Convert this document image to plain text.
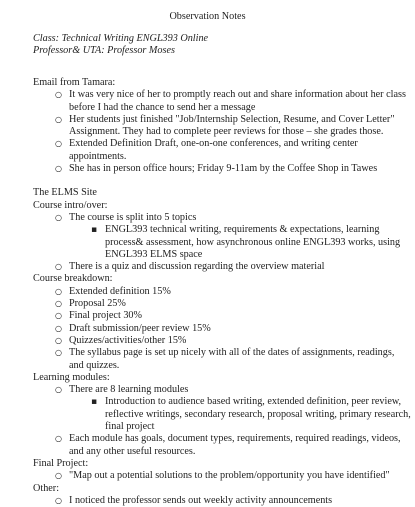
Observation Notes
Class: Technical Writing ENGL393 Online
Professor& UTA: Professor Moses
Email from Tamara:
○ It was very nice of her to promptly reach out and share information about her class before I had the chance to send her a message
○ Her students just finished "Job/Internship Selection, Resume, and Cover Letter" Assignment. They had to complete peer reviews for those – she grades those.
○ Extended Definition Draft, one-on-one conferences, and writing center appointments.
○ She has in person office hours; Friday 9-11am by the Coffee Shop in Tawes
The ELMS Site
Course intro/over:
○ The course is split into 5 topics
▪ ENGL393 technical writing, requirements & expectations, learning process& assessment, how asynchronous online ENGL393 works, using ENGL393 ELMS space
○ There is a quiz and discussion regarding the overview material
Course breakdown:
○ Extended definition 15%
○ Proposal 25%
○ Final project 30%
○ Draft submission/peer review 15%
○ Quizzes/activities/other 15%
○ The syllabus page is set up nicely with all of the dates of assignments, readings, and quizzes.
Learning modules:
○ There are 8 learning modules
▪ Introduction to audience based writing, extended definition, peer review, reflective writings, secondary research, proposal writing, primary research, final project
○ Each module has goals, document types, requirements, required readings, videos, and any other useful resources.
Final Project:
○ "Map out a potential solutions to the problem/opportunity you have identified"
Other:
○ I noticed the professor sends out weekly activity announcements
